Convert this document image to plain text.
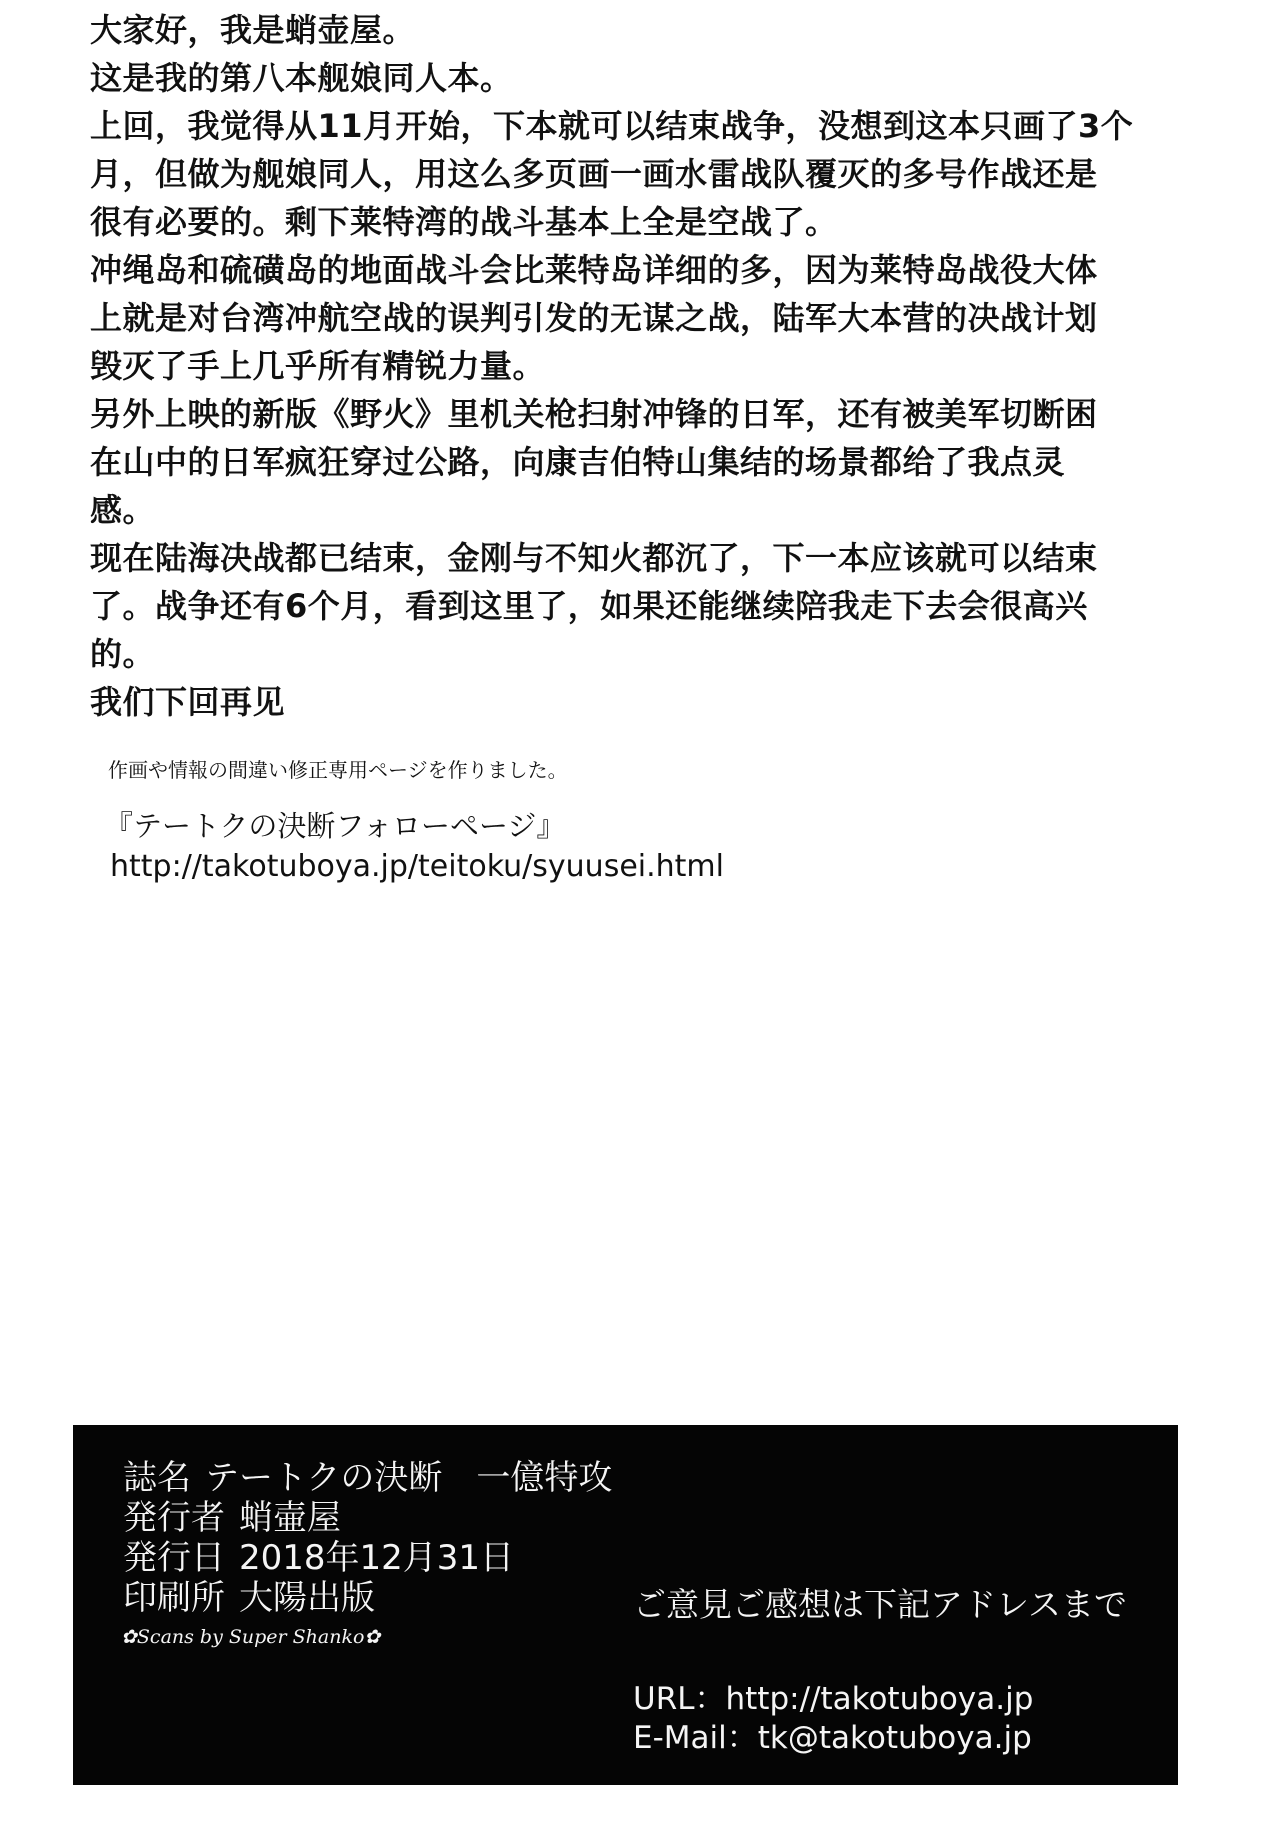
大家好，我是蛸壶屋。

这是我的第八本舰娘同人本。

上回，我觉得从11月开始，下本就可以结束战争，没想到这本只画了3个
月，但做为舰娘同人，用这么多页画一画水雷战队覆灭的多号作战还是
很有必要的。剩下莱特湾的战斗基本上全是空战了。

冲绳岛和硫磺岛的地面战斗会比莱特岛详细的多，因为莱特岛战役大体
上就是对台湾冲航空战的误判引发的无谋之战，陆军大本营的决战计划
毁灭了手上几乎所有精锐力量。

另外上映的新版《野火》里机关枪扫射冲锋的日军，还有被美军切断困
在山中的日军疯狂穿过公路，向康吉伯特山集结的场景都给了我点灵
感。

现在陆海决战都已结束，金刚与不知火都沉了，下一本应该就可以结束
了。战争还有6个月，看到这里了，如果还能继续陪我走下去会很高兴
的。

我们下回再见

作画や情報の間違い修正専用ページを作りました。
『テートクの決断フォローページ』
http://takotuboya.jp/teitoku/syuusei.html
誌名 テートクの決断　一億特攻
発行者 蛸壷屋
発行日 2018年12月31日
印刷所 大陽出版
✿Scans by Super Shanko✿
ご意見ご感想は下記アドレスまで
URL：http://takotuboya.jp
E-Mail：tk@takotuboya.jp
